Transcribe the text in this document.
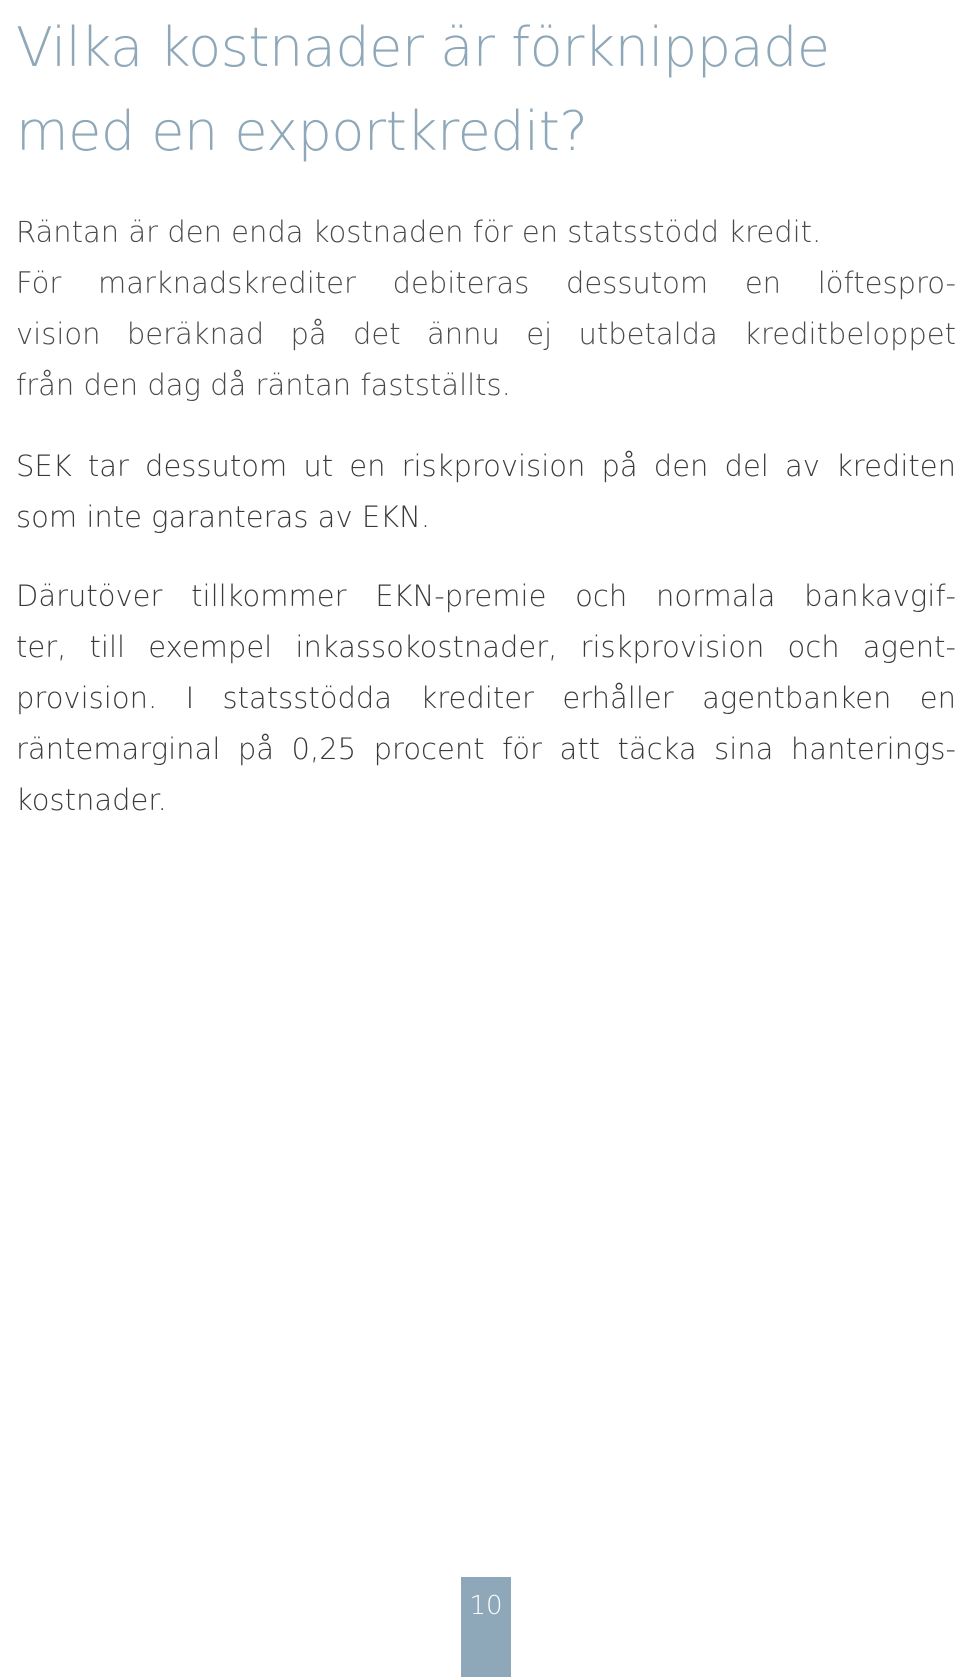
Vilka kostnader är förknippade
med en exportkredit?

Räntan är den enda kostnaden för en statsstödd kredit.
För marknadskrediter debiteras dessutom en löftespro-
vision beräknad på det ännu ej utbetalda kreditbeloppet
från den dag då räntan fastställts.

SEK tar dessutom ut en riskprovision på den del av krediten
som inte garanteras av EKN.

Därutöver tillkommer EKN-premie och normala bankavgif-
ter, till exempel inkassokostnader, riskprovision och agent-
provision. I statsstödda krediter erhåller agentbanken en
räntemarginal på 0,25 procent för att täcka sina hanterings-
kostnader.

10
